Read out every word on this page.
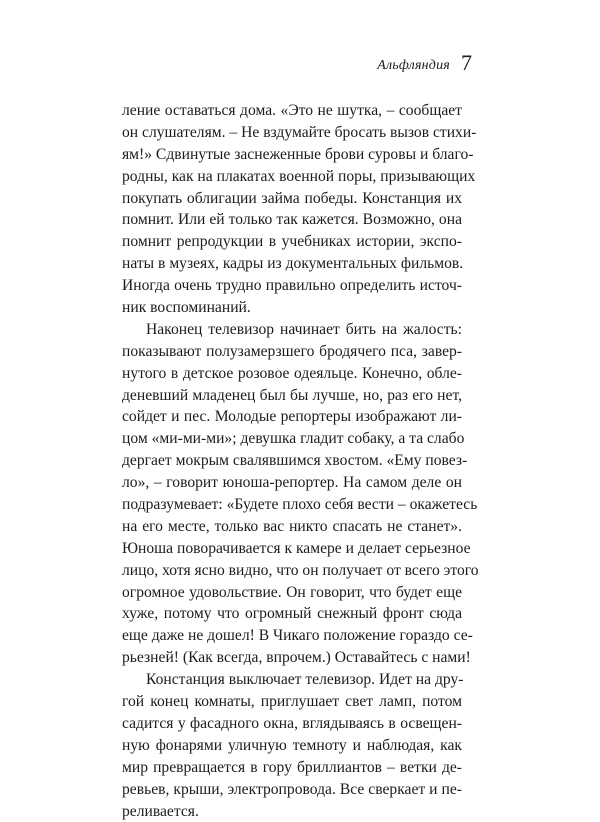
Альфляндия 7
ление оставаться дома. «Это не шутка, – сообщает
он слушателям. – Не вздумайте бросать вызов стихи-
ям!» Сдвинутые заснеженные брови суровы и благо-
родны, как на плакатах военной поры, призывающих
покупать облигации займа победы. Констанция их
помнит. Или ей только так кажется. Возможно, она
помнит репродукции в учебниках истории, экспо-
наты в музеях, кадры из документальных фильмов.
Иногда очень трудно правильно определить источ-
ник воспоминаний.
Наконец телевизор начинает бить на жалость:
показывают полузамерзшего бродячего пса, завер-
нутого в детское розовое одеяльце. Конечно, обле-
деневший младенец был бы лучше, но, раз его нет,
сойдет и пес. Молодые репортеры изображают ли-
цом «ми-ми-ми»; девушка гладит собаку, а та слабо
дергает мокрым свалявшимся хвостом. «Ему повез-
ло», – говорит юноша-репортер. На самом деле он
подразумевает: «Будете плохо себя вести – окажетесь
на его месте, только вас никто спасать не станет».
Юноша поворачивается к камере и делает серьезное
лицо, хотя ясно видно, что он получает от всего этого
огромное удовольствие. Он говорит, что будет еще
хуже, потому что огромный снежный фронт сюда
еще даже не дошел! В Чикаго положение гораздо се-
рьезней! (Как всегда, впрочем.) Оставайтесь с нами!
Констанция выключает телевизор. Идет на дру-
гой конец комнаты, приглушает свет ламп, потом
садится у фасадного окна, вглядываясь в освещен-
ную фонарями уличную темноту и наблюдая, как
мир превращается в гору бриллиантов – ветки де-
ревьев, крыши, электропровода. Все сверкает и пе-
реливается.
